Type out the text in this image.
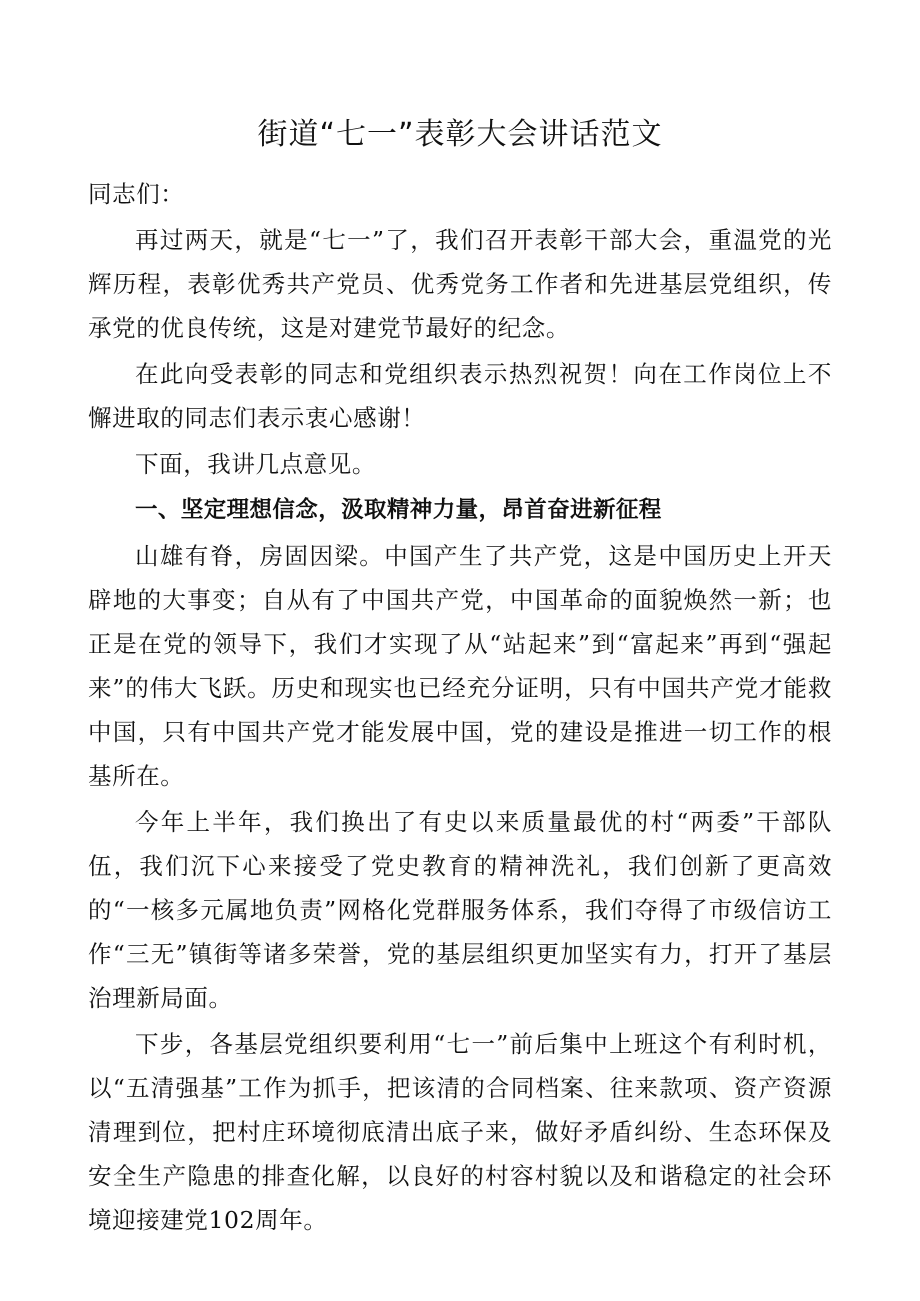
街道“七一”表彰大会讲话范文

同志们：

再过两天，就是“七一”了，我们召开表彰干部大会，重温党的光辉历程，表彰优秀共产党员、优秀党务工作者和先进基层党组织，传承党的优良传统，这是对建党节最好的纪念。

在此向受表彰的同志和党组织表示热烈祝贺！向在工作岗位上不懈进取的同志们表示衷心感谢！

下面，我讲几点意见。

一、坚定理想信念，汲取精神力量，昂首奋进新征程

山雄有脊，房固因梁。中国产生了共产党，这是中国历史上开天辟地的大事变；自从有了中国共产党，中国革命的面貌焕然一新；也正是在党的领导下，我们才实现了从“站起来”到“富起来”再到“强起来”的伟大飞跃。历史和现实也已经充分证明，只有中国共产党才能救中国，只有中国共产党才能发展中国，党的建设是推进一切工作的根基所在。

今年上半年，我们换出了有史以来质量最优的村“两委”干部队伍，我们沉下心来接受了党史教育的精神洗礼，我们创新了更高效的“一核多元属地负责”网格化党群服务体系，我们夺得了市级信访工作“三无”镇街等诸多荣誉，党的基层组织更加坚实有力，打开了基层治理新局面。

下步，各基层党组织要利用“七一”前后集中上班这个有利时机，以“五清强基”工作为抓手，把该清的合同档案、往来款项、资产资源清理到位，把村庄环境彻底清出底子来，做好矛盾纠纷、生态环保及安全生产隐患的排查化解，以良好的村容村貌以及和谐稳定的社会环境迎接建党102周年。
